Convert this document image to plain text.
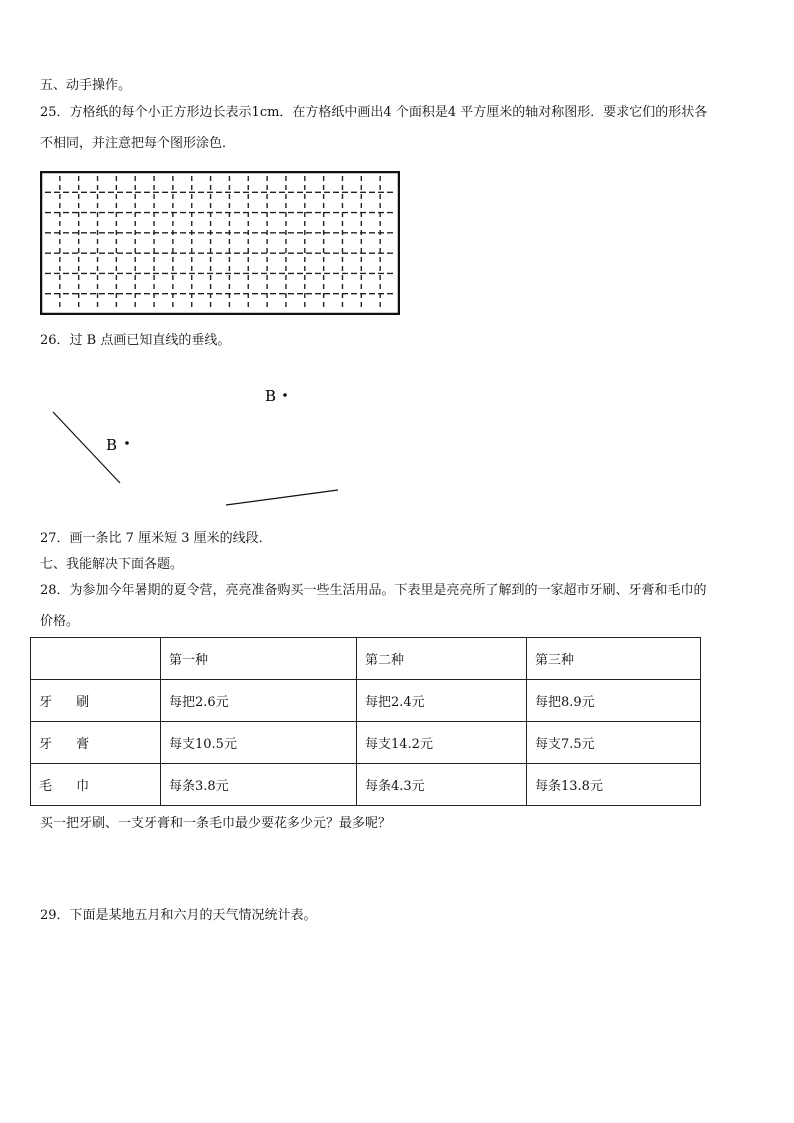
五、动手操作。
25．方格纸的每个小正方形边长表示1cm．在方格纸中画出4 个面积是4 平方厘米的轴对称图形．要求它们的形状各
不相同，并注意把每个图形涂色．
26．过 B 点画已知直线的垂线。
B
B
27．画一条比 7 厘米短 3 厘米的线段．
七、我能解决下面各题。
28．为参加今年暑期的夏令营，亮亮准备购买一些生活用品。下表里是亮亮所了解到的一家超市牙刷、牙膏和毛巾的
价格。
	第一种	第二种	第三种
牙 刷	每把2.6元	每把2.4元	每把8.9元
牙 膏	每支10.5元	每支14.2元	每支7.5元
毛 巾	每条3.8元	每条4.3元	每条13.8元
买一把牙刷、一支牙膏和一条毛巾最少要花多少元？最多呢？
29．下面是某地五月和六月的天气情况统计表。
